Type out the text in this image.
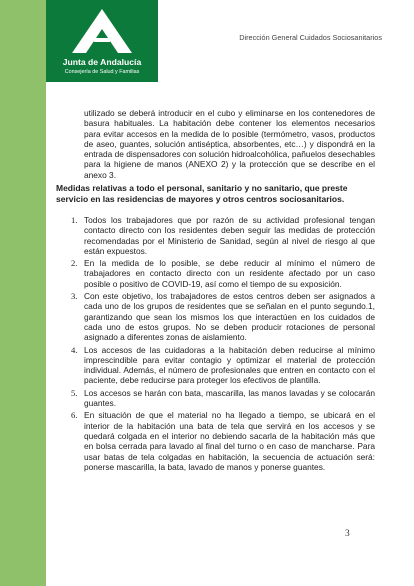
Junta de Andalucía
Consejería de Salud y Familias
Dirección General Cuidados Sociosanitarios

utilizado se deberá introducir en el cubo y eliminarse en los contenedores de basura habituales. La habitación debe contener los elementos necesarios para evitar accesos en la medida de lo posible (termómetro, vasos, productos de aseo, guantes, solución antiséptica, absorbentes, etc…) y dispondrá en la entrada de dispensadores con solución hidroalcohólica, pañuelos desechables para la higiene de manos (ANEXO 2) y la protección que se describe en el anexo 3.

Medidas relativas a todo el personal, sanitario y no sanitario, que preste servicio en las residencias de mayores y otros centros sociosanitarios.
1. Todos los trabajadores que por razón de su actividad profesional tengan contacto directo con los residentes deben seguir las medidas de protección recomendadas por el Ministerio de Sanidad, según al nivel de riesgo al que están expuestos.
2. En la medida de lo posible, se debe reducir al mínimo el número de trabajadores en contacto directo con un residente afectado por un caso posible o positivo de COVID-19, así como el tiempo de su exposición.
3. Con este objetivo, los trabajadores de estos centros deben ser asignados a cada uno de los grupos de residentes que se señalan en el punto segundo.1, garantizando que sean los mismos los que interactúen en los cuidados de cada uno de estos grupos. No se deben producir rotaciones de personal asignado a diferentes zonas de aislamiento.
4. Los accesos de las cuidadoras a la habitación deben reducirse al mínimo imprescindible para evitar contagio y optimizar el material de protección individual. Además, el número de profesionales que entren en contacto con el paciente, debe reducirse para proteger los efectivos de plantilla.
5. Los accesos se harán con bata, mascarilla, las manos lavadas y se colocarán guantes.
6. En situación de que el material no ha llegado a tiempo, se ubicará en el interior de la habitación una bata de tela que servirá en los accesos y se quedará colgada en el interior no debiendo sacarla de la habitación más que en bolsa cerrada para lavado al final del turno o en caso de mancharse. Para usar batas de tela colgadas en habitación, la secuencia de actuación será: ponerse mascarilla, la bata, lavado de manos y ponerse guantes.
3
